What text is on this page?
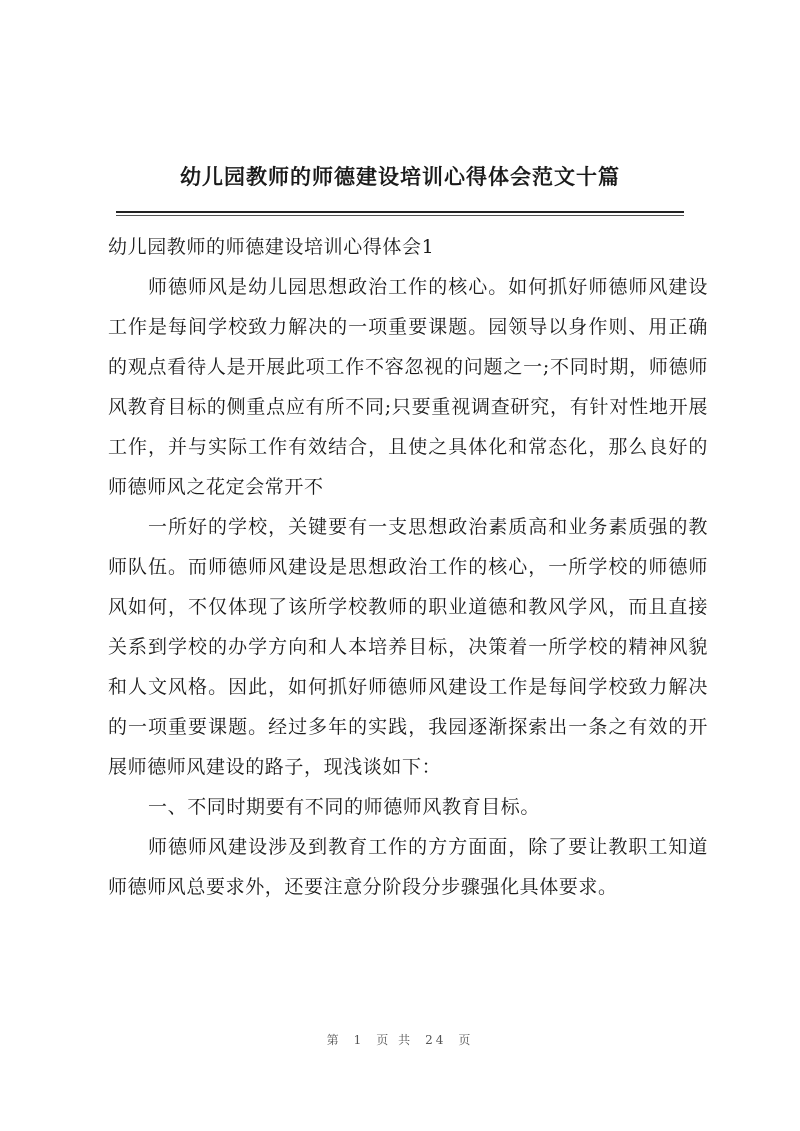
幼儿园教师的师德建设培训心得体会范文十篇

幼儿园教师的师德建设培训心得体会1

师德师风是幼儿园思想政治工作的核心。如何抓好师德师风建设工作是每间学校致力解决的一项重要课题。园领导以身作则、用正确的观点看待人是开展此项工作不容忽视的问题之一;不同时期，师德师风教育目标的侧重点应有所不同;只要重视调查研究，有针对性地开展工作，并与实际工作有效结合，且使之具体化和常态化，那么良好的师德师风之花定会常开不

一所好的学校，关键要有一支思想政治素质高和业务素质强的教师队伍。而师德师风建设是思想政治工作的核心，一所学校的师德师风如何，不仅体现了该所学校教师的职业道德和教风学风，而且直接关系到学校的办学方向和人本培养目标，决策着一所学校的精神风貌和人文风格。因此，如何抓好师德师风建设工作是每间学校致力解决的一项重要课题。经过多年的实践，我园逐渐探索出一条之有效的开展师德师风建设的路子，现浅谈如下：

一、不同时期要有不同的师德师风教育目标。

师德师风建设涉及到教育工作的方方面面，除了要让教职工知道师德师风总要求外，还要注意分阶段分步骤强化具体要求。

第 1 页 共 24 页
